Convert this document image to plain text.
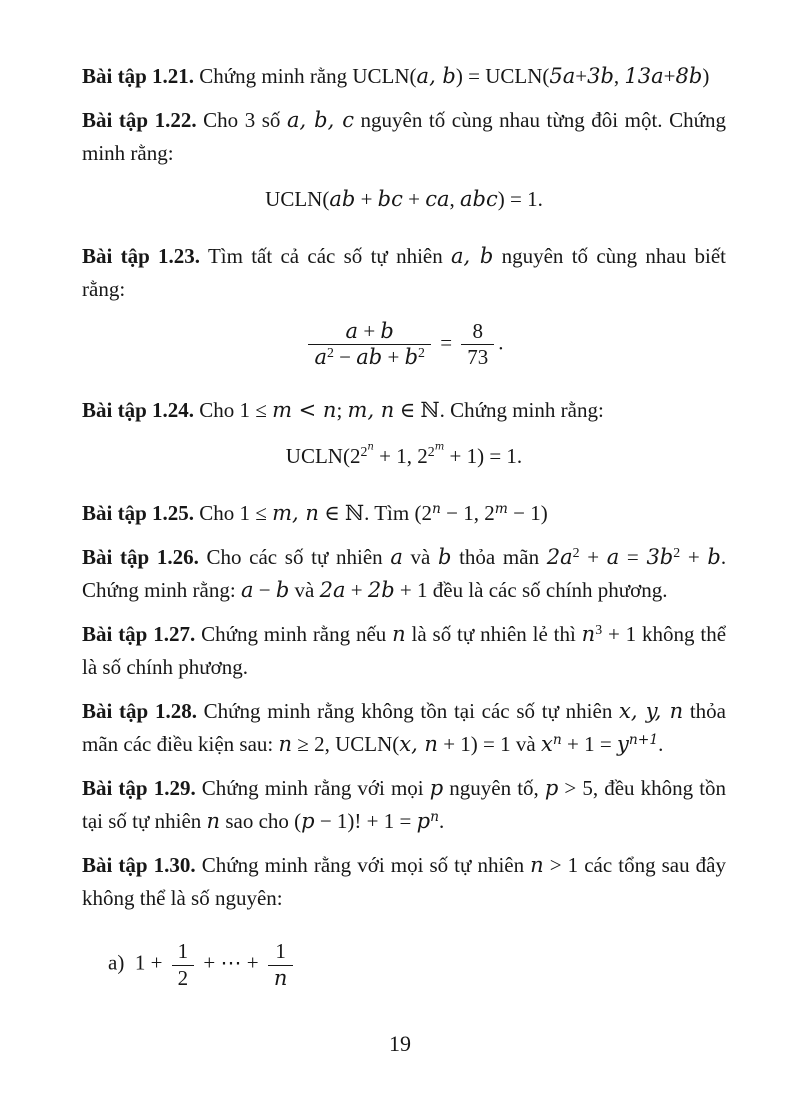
Bài tập 1.21. Chứng minh rằng UCLN(a, b) = UCLN(5a+3b, 13a+8b)
Bài tập 1.22. Cho 3 số a, b, c nguyên tố cùng nhau từng đôi một. Chứng minh rằng:
UCLN(ab + bc + ca, abc) = 1.
Bài tập 1.23. Tìm tất cả các số tự nhiên a, b nguyên tố cùng nhau biết rằng:
$\frac{a + b}{a^2 - ab + b^2} = \frac{8}{73}$ .
Bài tập 1.24. Cho 1 ≤ m < n; m, n ∈ ℕ. Chứng minh rằng:
$UCLN(2^{2n} + 1$, $2^{2m} + 1) = 1$.
Bài tập 1.25. Cho 1 ≤ m, n ∈ ℕ. Tìm ($2^n - 1$, $2^m - 1$)
Bài tập 1.26. Cho các số tự nhiên a và b thỏa mãn $2a^2 + a = 3b^2 + b$. Chứng minh rằng: a − b và 2a + 2b + 1 đều là các số chính phương.
Bài tập 1.27. Chứng minh rằng nếu n là số tự nhiên lẻ thì $n^3 + 1$ không thể là số chính phương.
Bài tập 1.28. Chứng minh rằng không tồn tại các số tự nhiên x, y, n thỏa mãn các điều kiện sau: n ≥ 2, UCLN(x, n + 1) = 1 và $x^n + 1 = y^{n+1}$.
Bài tập 1.29. Chứng minh rằng với mọi p nguyên tố, p > 5, đều không tồn tại số tự nhiên n sao cho (p − 1)! + $1 = p^n$.
Bài tập 1.30. Chứng minh rằng với mọi số tự nhiên n > 1 các tổng sau đây không thể là số nguyên:
a) $1 + \frac{1}{2}$ + ⋯ + $\frac{1}{n}$
19
